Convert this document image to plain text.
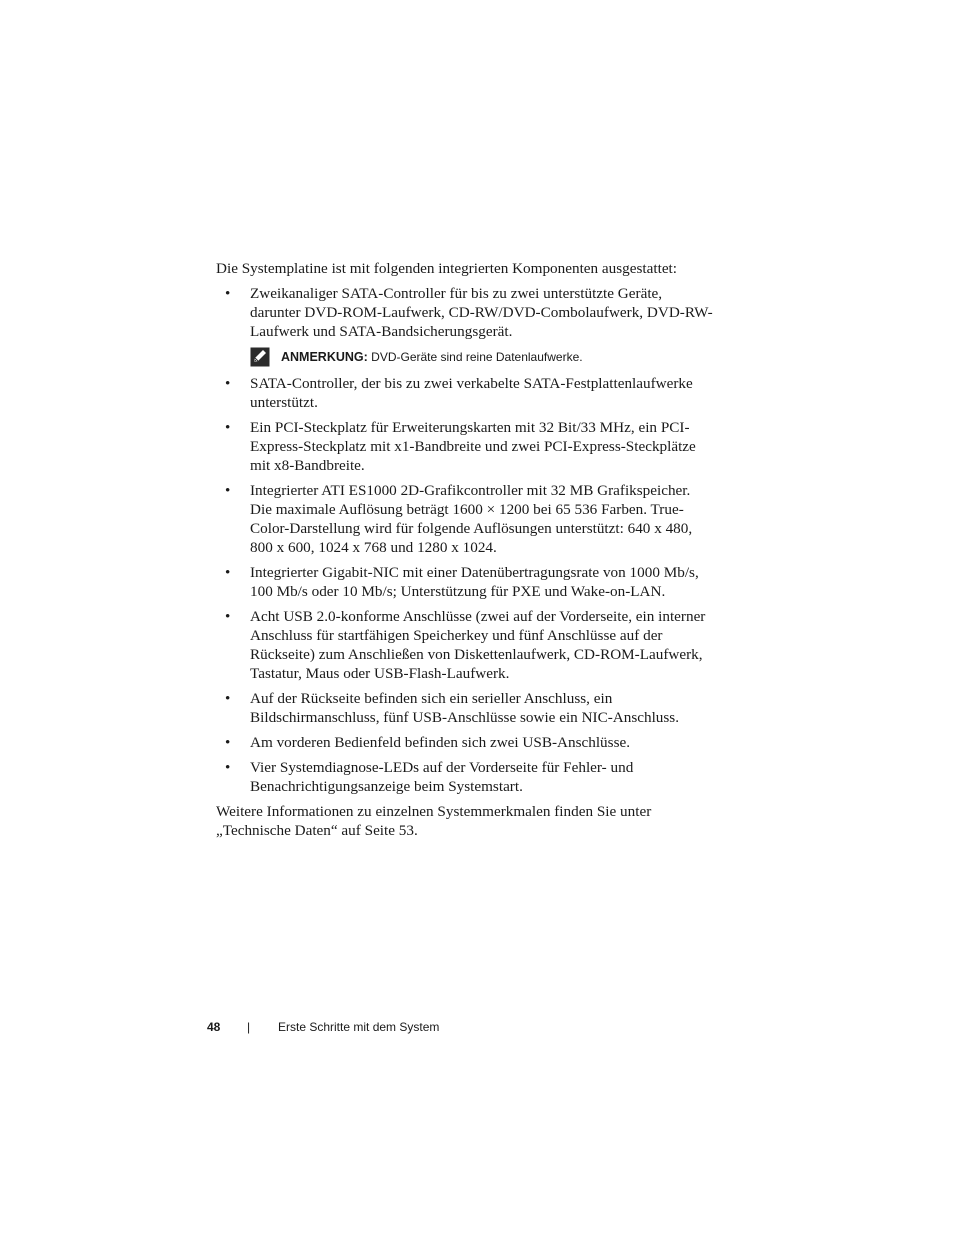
Die Systemplatine ist mit folgenden integrierten Komponenten ausgestattet:

• Zweikanaliger SATA-Controller für bis zu zwei unterstützte Geräte, darunter DVD-ROM-Laufwerk, CD-RW/DVD-Combolaufwerk, DVD-RW-Laufwerk und SATA-Bandsicherungsgerät.
ANMERKUNG: DVD-Geräte sind reine Datenlaufwerke.
• SATA-Controller, der bis zu zwei verkabelte SATA-Festplattenlaufwerke unterstützt.
• Ein PCI-Steckplatz für Erweiterungskarten mit 32 Bit/33 MHz, ein PCI-Express-Steckplatz mit x1-Bandbreite und zwei PCI-Express-Steckplätze mit x8-Bandbreite.
• Integrierter ATI ES1000 2D-Grafikcontroller mit 32 MB Grafikspeicher. Die maximale Auflösung beträgt 1600 × 1200 bei 65 536 Farben. True-Color-Darstellung wird für folgende Auflösungen unterstützt: 640 x 480, 800 x 600, 1024 x 768 und 1280 x 1024.
• Integrierter Gigabit-NIC mit einer Datenübertragungsrate von 1000 Mb/s, 100 Mb/s oder 10 Mb/s; Unterstützung für PXE und Wake-on-LAN.
• Acht USB 2.0-konforme Anschlüsse (zwei auf der Vorderseite, ein interner Anschluss für startfähigen Speicherkey und fünf Anschlüsse auf der Rückseite) zum Anschließen von Diskettenlaufwerk, CD-ROM-Laufwerk, Tastatur, Maus oder USB-Flash-Laufwerk.
• Auf der Rückseite befinden sich ein serieller Anschluss, ein Bildschirmanschluss, fünf USB-Anschlüsse sowie ein NIC-Anschluss.
• Am vorderen Bedienfeld befinden sich zwei USB-Anschlüsse.
• Vier Systemdiagnose-LEDs auf der Vorderseite für Fehler- und Benachrichtigungsanzeige beim Systemstart.

Weitere Informationen zu einzelnen Systemmerkmalen finden Sie unter „Technische Daten“ auf Seite 53.

48 | Erste Schritte mit dem System
